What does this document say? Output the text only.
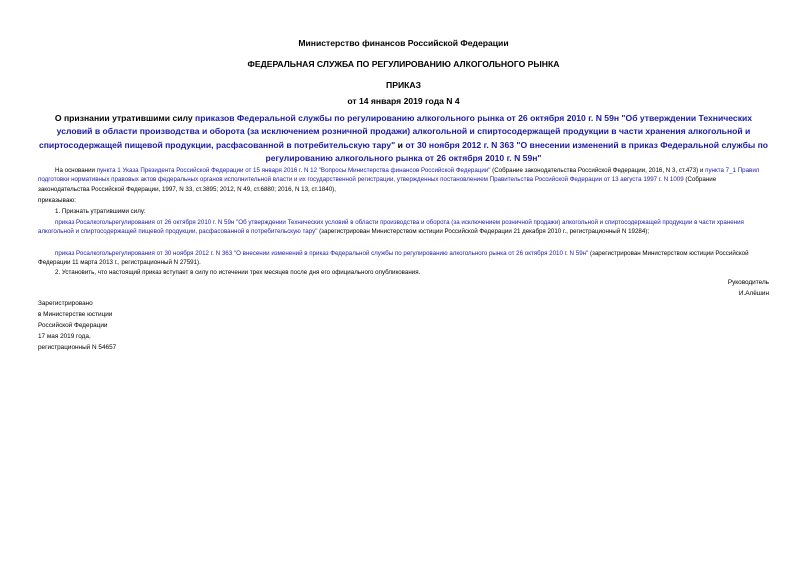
Министерство финансов Российской Федерации
ФЕДЕРАЛЬНАЯ СЛУЖБА ПО РЕГУЛИРОВАНИЮ АЛКОГОЛЬНОГО РЫНКА
ПРИКАЗ
от 14 января 2019 года N 4
О признании утратившими силу приказов Федеральной службы по регулированию алкогольного рынка от 26 октября 2010 г. N 59н "Об утверждении Технических условий в области производства и оборота (за исключением розничной продажи) алкогольной и спиртосодержащей продукции в части хранения алкогольной и спиртосодержащей пищевой продукции, расфасованной в потребительскую тару" и от 30 ноября 2012 г. N 363 "О внесении изменений в приказ Федеральной службы по регулированию алкогольного рынка от 26 октября 2010 г. N 59н"
На основании пункта 1 Указа Президента Российской Федерации от 15 января 2016 г. N 12 "Вопросы Министерства финансов Российской Федерации" (Собрание законодательства Российской Федерации, 2016, N 3, ст.473) и пункта 7_1 Правил подготовки нормативных правовых актов федеральных органов исполнительной власти и их государственной регистрации, утвержденных постановлением Правительства Российской Федерации от 13 августа 1997 г. N 1009 (Собрание законодательства Российской Федерации, 1997, N 33, ст.3895; 2012, N 49, ст.6880; 2016, N 13, ст.1840),
приказываю:
1. Признать утратившими силу:
приказ Росалкогольрегулирования от 26 октября 2010 г. N 59н "Об утверждении Технических условий в области производства и оборота (за исключением розничной продажи) алкогольной и спиртосодержащей продукции в части хранения алкогольной и спиртосодержащей пищевой продукции, расфасованной в потребительскую тару" (зарегистрирован Министерством юстиции Российской Федерации 21 декабря 2010 г., регистрационный N 19284);
приказ Росалкогольрегулирования от 30 ноября 2012 г. N 363 "О внесении изменений в приказ Федеральной службы по регулированию алкогольного рынка от 26 октября 2010 г. N 59н" (зарегистрирован Министерством юстиции Российской Федерации 11 марта 2013 г., регистрационный N 27591).
2. Установить, что настоящий приказ вступает в силу по истечении трех месяцев после дня его официального опубликования.
Руководитель
И.Алёшин
Зарегистрировано
в Министерстве юстиции
Российской Федерации
17 мая 2019 года,
регистрационный N 54657
